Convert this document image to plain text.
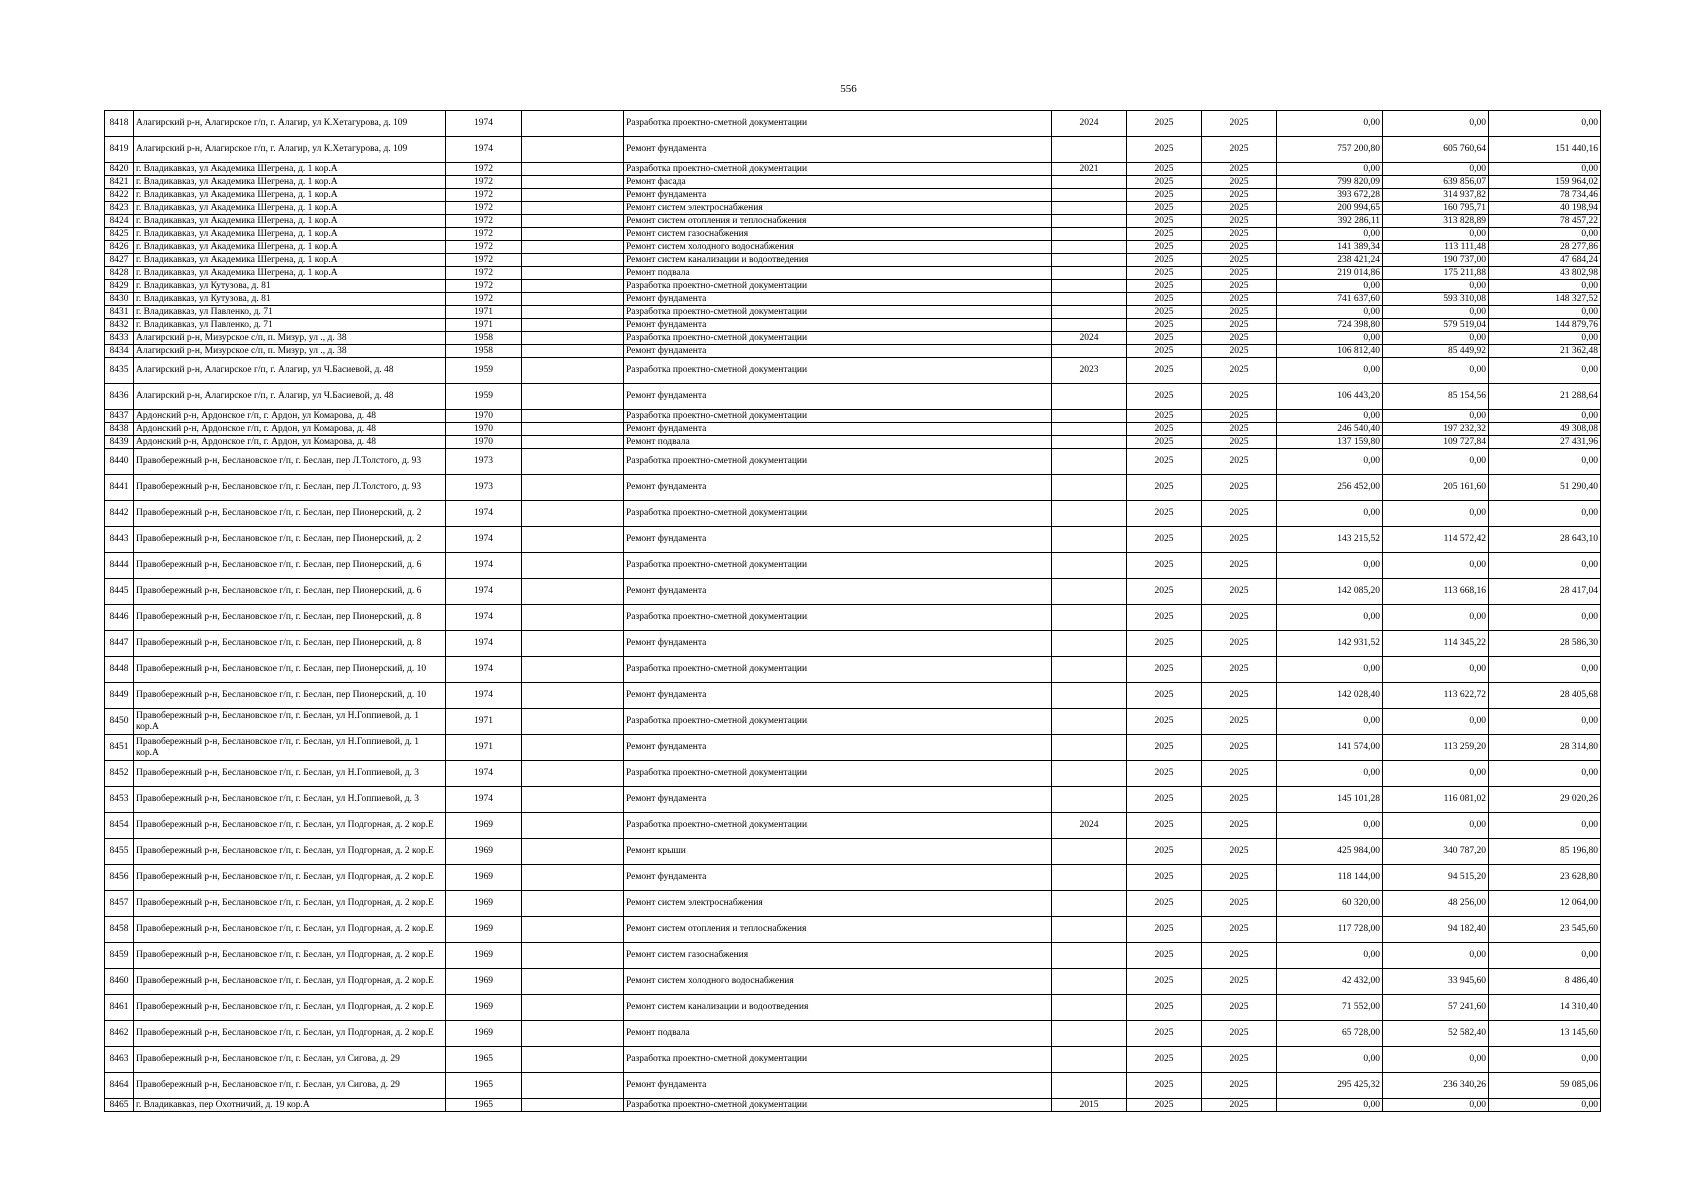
556
8418	Алагирский р-н, Алагирское г/п, г. Алагир, ул К.Хетагурова, д. 109	1974		Разработка проектно-сметной документации	2024	2025	2025	0,00	0,00	0,00
8419	Алагирский р-н, Алагирское г/п, г. Алагир, ул К.Хетагурова, д. 109	1974		Ремонт фундамента		2025	2025	757 200,80	605 760,64	151 440,16
8420	г. Владикавказ, ул Академика Шегрена, д. 1 кор.А	1972		Разработка проектно-сметной документации	2021	2025	2025	0,00	0,00	0,00
8421	г. Владикавказ, ул Академика Шегрена, д. 1 кор.А	1972		Ремонт фасада		2025	2025	799 820,09	639 856,07	159 964,02
8422	г. Владикавказ, ул Академика Шегрена, д. 1 кор.А	1972		Ремонт фундамента		2025	2025	393 672,28	314 937,82	78 734,46
8423	г. Владикавказ, ул Академика Шегрена, д. 1 кор.А	1972		Ремонт систем электроснабжения		2025	2025	200 994,65	160 795,71	40 198,94
8424	г. Владикавказ, ул Академика Шегрена, д. 1 кор.А	1972		Ремонт систем отопления и теплоснабжения		2025	2025	392 286,11	313 828,89	78 457,22
8425	г. Владикавказ, ул Академика Шегрена, д. 1 кор.А	1972		Ремонт систем газоснабжения		2025	2025	0,00	0,00	0,00
8426	г. Владикавказ, ул Академика Шегрена, д. 1 кор.А	1972		Ремонт систем холодного водоснабжения		2025	2025	141 389,34	113 111,48	28 277,86
8427	г. Владикавказ, ул Академика Шегрена, д. 1 кор.А	1972		Ремонт систем канализации и водоотведения		2025	2025	238 421,24	190 737,00	47 684,24
8428	г. Владикавказ, ул Академика Шегрена, д. 1 кор.А	1972		Ремонт подвала		2025	2025	219 014,86	175 211,88	43 802,98
8429	г. Владикавказ, ул Кутузова, д. 81	1972		Разработка проектно-сметной документации		2025	2025	0,00	0,00	0,00
8430	г. Владикавказ, ул Кутузова, д. 81	1972		Ремонт фундамента		2025	2025	741 637,60	593 310,08	148 327,52
8431	г. Владикавказ, ул Павленко, д. 71	1971		Разработка проектно-сметной документации		2025	2025	0,00	0,00	0,00
8432	г. Владикавказ, ул Павленко, д. 71	1971		Ремонт фундамента		2025	2025	724 398,80	579 519,04	144 879,76
8433	Алагирский р-н, Мизурское с/п, п. Мизур, ул ., д. 38	1958		Разработка проектно-сметной документации	2024	2025	2025	0,00	0,00	0,00
8434	Алагирский р-н, Мизурское с/п, п. Мизур, ул ., д. 38	1958		Ремонт фундамента		2025	2025	106 812,40	85 449,92	21 362,48
8435	Алагирский р-н, Алагирское г/п, г. Алагир, ул Ч.Басиевой, д. 48	1959		Разработка проектно-сметной документации	2023	2025	2025	0,00	0,00	0,00
8436	Алагирский р-н, Алагирское г/п, г. Алагир, ул Ч.Басиевой, д. 48	1959		Ремонт фундамента		2025	2025	106 443,20	85 154,56	21 288,64
8437	Ардонский р-н, Ардонское г/п, г. Ардон, ул Комарова, д. 48	1970		Разработка проектно-сметной документации		2025	2025	0,00	0,00	0,00
8438	Ардонский р-н, Ардонское г/п, г. Ардон, ул Комарова, д. 48	1970		Ремонт фундамента		2025	2025	246 540,40	197 232,32	49 308,08
8439	Ардонский р-н, Ардонское г/п, г. Ардон, ул Комарова, д. 48	1970		Ремонт подвала		2025	2025	137 159,80	109 727,84	27 431,96
8440	Правобережный р-н, Беслановское г/п, г. Беслан, пер Л.Толстого, д. 93	1973		Разработка проектно-сметной документации		2025	2025	0,00	0,00	0,00
8441	Правобережный р-н, Беслановское г/п, г. Беслан, пер Л.Толстого, д. 93	1973		Ремонт фундамента		2025	2025	256 452,00	205 161,60	51 290,40
8442	Правобережный р-н, Беслановское г/п, г. Беслан, пер Пионерский, д. 2	1974		Разработка проектно-сметной документации		2025	2025	0,00	0,00	0,00
8443	Правобережный р-н, Беслановское г/п, г. Беслан, пер Пионерский, д. 2	1974		Ремонт фундамента		2025	2025	143 215,52	114 572,42	28 643,10
8444	Правобережный р-н, Беслановское г/п, г. Беслан, пер Пионерский, д. 6	1974		Разработка проектно-сметной документации		2025	2025	0,00	0,00	0,00
8445	Правобережный р-н, Беслановское г/п, г. Беслан, пер Пионерский, д. 6	1974		Ремонт фундамента		2025	2025	142 085,20	113 668,16	28 417,04
8446	Правобережный р-н, Беслановское г/п, г. Беслан, пер Пионерский, д. 8	1974		Разработка проектно-сметной документации		2025	2025	0,00	0,00	0,00
8447	Правобережный р-н, Беслановское г/п, г. Беслан, пер Пионерский, д. 8	1974		Ремонт фундамента		2025	2025	142 931,52	114 345,22	28 586,30
8448	Правобережный р-н, Беслановское г/п, г. Беслан, пер Пионерский, д. 10	1974		Разработка проектно-сметной документации		2025	2025	0,00	0,00	0,00
8449	Правобережный р-н, Беслановское г/п, г. Беслан, пер Пионерский, д. 10	1974		Ремонт фундамента		2025	2025	142 028,40	113 622,72	28 405,68
8450	Правобережный р-н, Беслановское г/п, г. Беслан, ул Н.Гоппиевой, д. 1 кор.А	1971		Разработка проектно-сметной документации		2025	2025	0,00	0,00	0,00
8451	Правобережный р-н, Беслановское г/п, г. Беслан, ул Н.Гоппиевой, д. 1 кор.А	1971		Ремонт фундамента		2025	2025	141 574,00	113 259,20	28 314,80
8452	Правобережный р-н, Беслановское г/п, г. Беслан, ул Н.Гоппиевой, д. 3	1974		Разработка проектно-сметной документации		2025	2025	0,00	0,00	0,00
8453	Правобережный р-н, Беслановское г/п, г. Беслан, ул Н.Гоппиевой, д. 3	1974		Ремонт фундамента		2025	2025	145 101,28	116 081,02	29 020,26
8454	Правобережный р-н, Беслановское г/п, г. Беслан, ул Подгорная, д. 2 кор.Е	1969		Разработка проектно-сметной документации	2024	2025	2025	0,00	0,00	0,00
8455	Правобережный р-н, Беслановское г/п, г. Беслан, ул Подгорная, д. 2 кор.Е	1969		Ремонт крыши		2025	2025	425 984,00	340 787,20	85 196,80
8456	Правобережный р-н, Беслановское г/п, г. Беслан, ул Подгорная, д. 2 кор.Е	1969		Ремонт фундамента		2025	2025	118 144,00	94 515,20	23 628,80
8457	Правобережный р-н, Беслановское г/п, г. Беслан, ул Подгорная, д. 2 кор.Е	1969		Ремонт систем электроснабжения		2025	2025	60 320,00	48 256,00	12 064,00
8458	Правобережный р-н, Беслановское г/п, г. Беслан, ул Подгорная, д. 2 кор.Е	1969		Ремонт систем отопления и теплоснабжения		2025	2025	117 728,00	94 182,40	23 545,60
8459	Правобережный р-н, Беслановское г/п, г. Беслан, ул Подгорная, д. 2 кор.Е	1969		Ремонт систем газоснабжения		2025	2025	0,00	0,00	0,00
8460	Правобережный р-н, Беслановское г/п, г. Беслан, ул Подгорная, д. 2 кор.Е	1969		Ремонт систем холодного водоснабжения		2025	2025	42 432,00	33 945,60	8 486,40
8461	Правобережный р-н, Беслановское г/п, г. Беслан, ул Подгорная, д. 2 кор.Е	1969		Ремонт систем канализации и водоотведения		2025	2025	71 552,00	57 241,60	14 310,40
8462	Правобережный р-н, Беслановское г/п, г. Беслан, ул Подгорная, д. 2 кор.Е	1969		Ремонт подвала		2025	2025	65 728,00	52 582,40	13 145,60
8463	Правобережный р-н, Беслановское г/п, г. Беслан, ул Сигова, д. 29	1965		Разработка проектно-сметной документации		2025	2025	0,00	0,00	0,00
8464	Правобережный р-н, Беслановское г/п, г. Беслан, ул Сигова, д. 29	1965		Ремонт фундамента		2025	2025	295 425,32	236 340,26	59 085,06
8465	г. Владикавказ, пер Охотничий, д. 19 кор.А	1965		Разработка проектно-сметной документации	2015	2025	2025	0,00	0,00	0,00
